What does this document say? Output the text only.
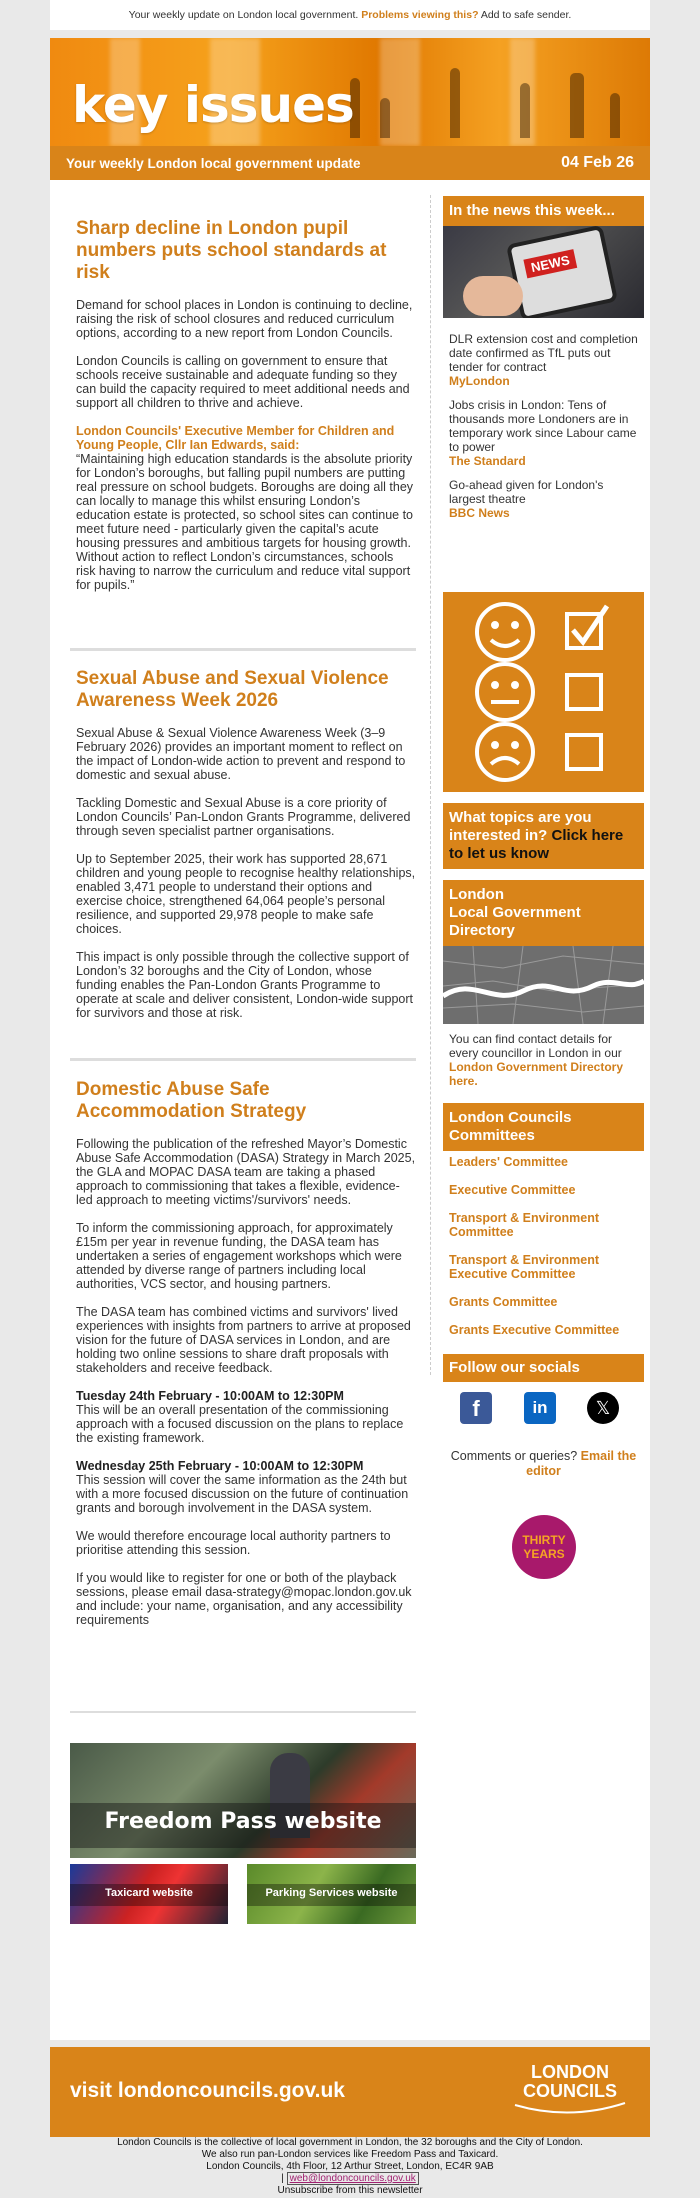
Your weekly update on London local government. Problems viewing this? Add to safe sender.
key issues
Your weekly London local government update	04 Feb 26
Sharp decline in London pupil numbers puts school standards at risk
Demand for school places in London is continuing to decline, raising the risk of school closures and reduced curriculum options, according to a new report from London Councils.
London Councils is calling on government to ensure that schools receive sustainable and adequate funding so they can build the capacity required to meet additional needs and support all children to thrive and achieve.
London Councils' Executive Member for Children and Young People, Cllr Ian Edwards, said:
“Maintaining high education standards is the absolute priority for London’s boroughs, but falling pupil numbers are putting real pressure on school budgets. Boroughs are doing all they can locally to manage this whilst ensuring London’s education estate is protected, so school sites can continue to meet future need - particularly given the capital’s acute housing pressures and ambitious targets for housing growth. Without action to reflect London’s circumstances, schools risk having to narrow the curriculum and reduce vital support for pupils.”
Sexual Abuse and Sexual Violence Awareness Week 2026
Sexual Abuse & Sexual Violence Awareness Week (3–9 February 2026) provides an important moment to reflect on the impact of London-wide action to prevent and respond to domestic and sexual abuse.
Tackling Domestic and Sexual Abuse is a core priority of London Councils’ Pan-London Grants Programme, delivered through seven specialist partner organisations.
Up to September 2025, their work has supported 28,671 children and young people to recognise healthy relationships, enabled 3,471 people to understand their options and exercise choice, strengthened 64,064 people’s personal resilience, and supported 29,978 people to make safe choices.
This impact is only possible through the collective support of London’s 32 boroughs and the City of London, whose funding enables the Pan-London Grants Programme to operate at scale and deliver consistent, London-wide support for survivors and those at risk.
Domestic Abuse Safe Accommodation Strategy
Following the publication of the refreshed Mayor’s Domestic Abuse Safe Accommodation (DASA) Strategy in March 2025, the GLA and MOPAC DASA team are taking a phased approach to commissioning that takes a flexible, evidence-led approach to meeting victims'/survivors' needs.
To inform the commissioning approach, for approximately £15m per year in revenue funding, the DASA team has undertaken a series of engagement workshops which were attended by diverse range of partners including local authorities, VCS sector, and housing partners.
The DASA team has combined victims and survivors' lived experiences with insights from partners to arrive at proposed vision for the future of DASA services in London, and are holding two online sessions to share draft proposals with stakeholders and receive feedback.
Tuesday 24th February - 10:00AM to 12:30PM
This will be an overall presentation of the commissioning approach with a focused discussion on the plans to replace the existing framework.
Wednesday 25th February - 10:00AM to 12:30PM
This session will cover the same information as the 24th but with a more focused discussion on the future of continuation grants and borough involvement in the DASA system.
We would therefore encourage local authority partners to prioritise attending this session.
If you would like to register for one or both of the playback sessions, please email dasa-strategy@mopac.london.gov.uk and include: your name, organisation, and any accessibility requirements
Freedom Pass website
Taxicard website	Parking Services website
In the news this week...
NEWS
DLR extension cost and completion date confirmed as TfL puts out tender for contract
MyLondon
Jobs crisis in London: Tens of thousands more Londoners are in temporary work since Labour came to power
The Standard
Go-ahead given for London's largest theatre
BBC News
What topics are you interested in? Click here to let us know
London
Local Government Directory
You can find contact details for every councillor in London in our London Government Directory here.
London Councils Committees
Leaders' Committee
Executive Committee
Transport & Environment Committee
Transport & Environment Executive Committee
Grants Committee
Grants Executive Committee
Follow our socials
f	in	𝕏
Comments or queries? Email the editor
THIRTY
YEARS
visit londoncouncils.gov.uk
LONDON
COUNCILS
London Councils is the collective of local government in London, the 32 boroughs and the City of London.
We also run pan-London services like Freedom Pass and Taxicard.
London Councils, 4th Floor, 12 Arthur Street, London, EC4R 9AB
| web@londoncouncils.gov.uk
Unsubscribe from this newsletter
